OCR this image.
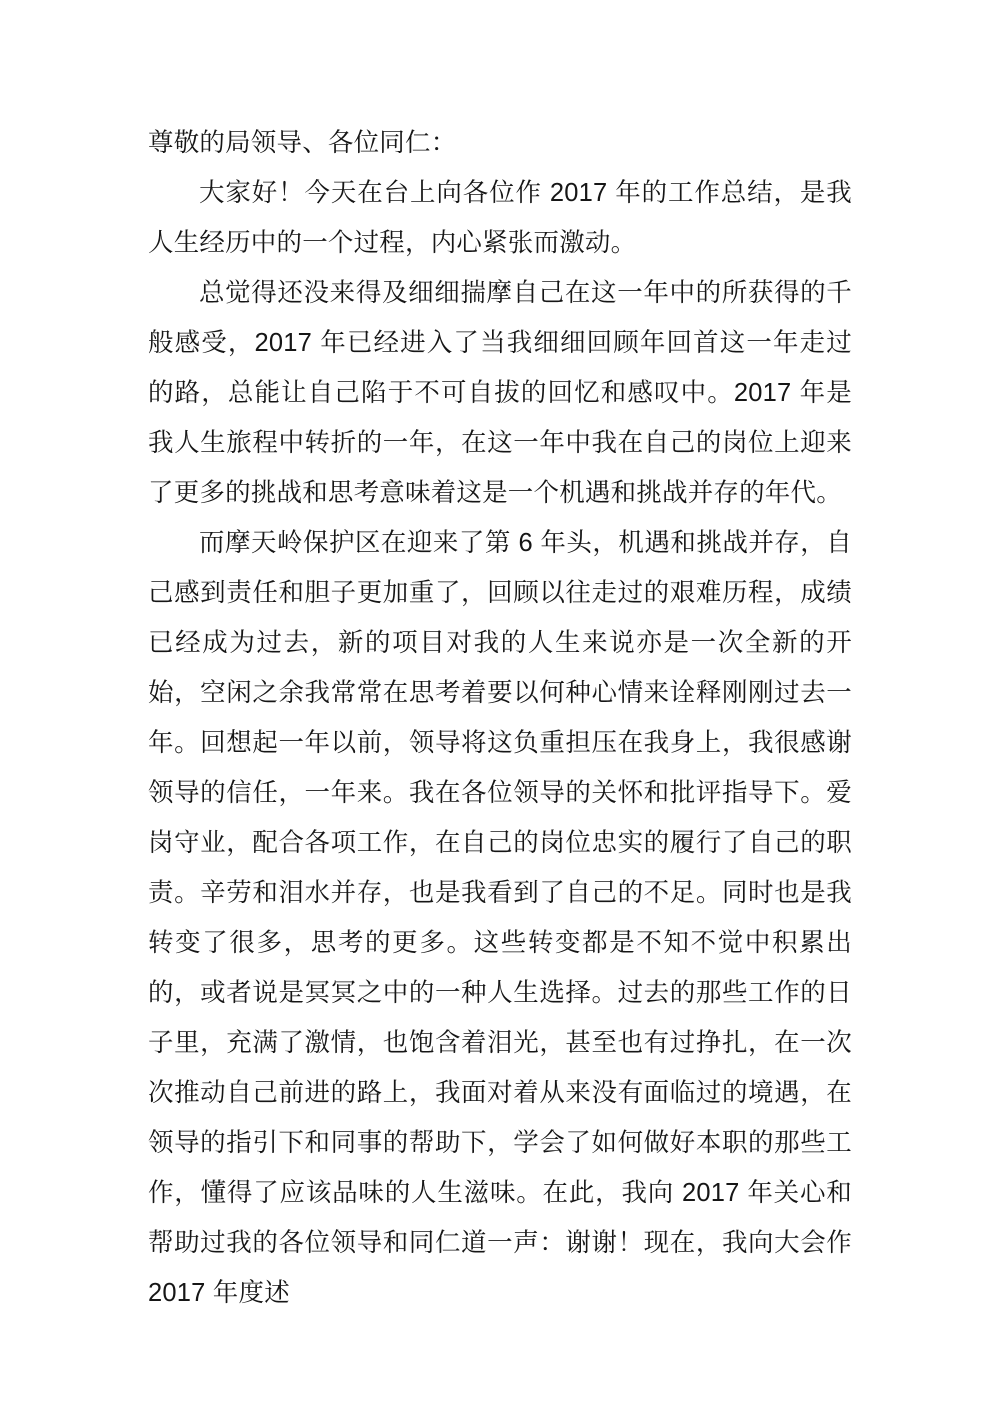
尊敬的局领导、各位同仁：

大家好！今天在台上向各位作 2017 年的工作总结，是我人生经历中的一个过程，内心紧张而激动。

总觉得还没来得及细细揣摩自己在这一年中的所获得的千般感受，2017 年已经进入了当我细细回顾年回首这一年走过的路，总能让自己陷于不可自拔的回忆和感叹中。2017 年是我人生旅程中转折的一年，在这一年中我在自己的岗位上迎来了更多的挑战和思考意味着这是一个机遇和挑战并存的年代。

而摩天岭保护区在迎来了第 6 年头，机遇和挑战并存，自己感到责任和胆子更加重了，回顾以往走过的艰难历程，成绩已经成为过去，新的项目对我的人生来说亦是一次全新的开始，空闲之余我常常在思考着要以何种心情来诠释刚刚过去一年。回想起一年以前，领导将这负重担压在我身上，我很感谢领导的信任，一年来。我在各位领导的关怀和批评指导下。爱岗守业，配合各项工作，在自己的岗位忠实的履行了自己的职责。辛劳和泪水并存，也是我看到了自己的不足。同时也是我转变了很多，思考的更多。这些转变都是不知不觉中积累出的，或者说是冥冥之中的一种人生选择。过去的那些工作的日子里，充满了激情，也饱含着泪光，甚至也有过挣扎，在一次次推动自己前进的路上，我面对着从来没有面临过的境遇，在领导的指引下和同事的帮助下，学会了如何做好本职的那些工作，懂得了应该品味的人生滋味。在此，我向 2017 年关心和帮助过我的各位领导和同仁道一声：谢谢！现在，我向大会作 2017 年度述
